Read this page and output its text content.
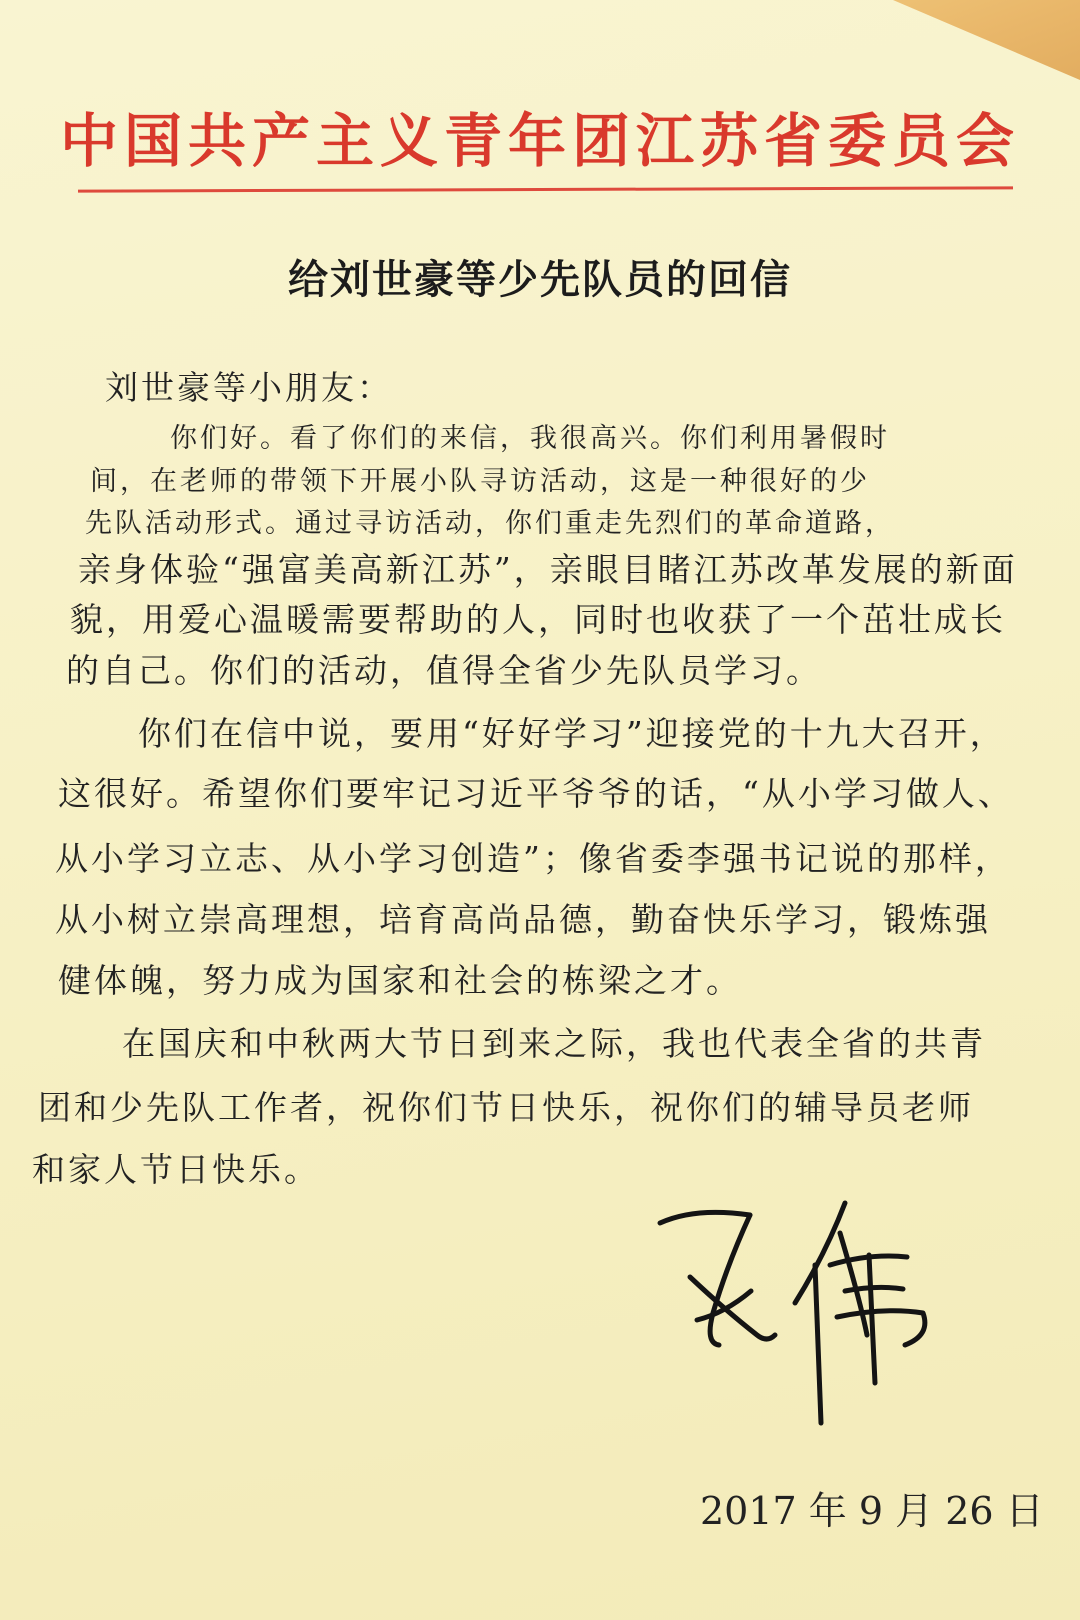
中国共产主义青年团江苏省委员会
给刘世豪等少先队员的回信
刘世豪等小朋友：
你们好。看了你们的来信，我很高兴。你们利用暑假时
间，在老师的带领下开展小队寻访活动，这是一种很好的少
先队活动形式。通过寻访活动，你们重走先烈们的革命道路，
亲身体验“强富美高新江苏”，亲眼目睹江苏改革发展的新面
貌，用爱心温暖需要帮助的人，同时也收获了一个茁壮成长
的自己。你们的活动，值得全省少先队员学习。
你们在信中说，要用“好好学习”迎接党的十九大召开，
这很好。希望你们要牢记习近平爷爷的话，“从小学习做人、
从小学习立志、从小学习创造”；像省委李强书记说的那样，
从小树立崇高理想，培育高尚品德，勤奋快乐学习，锻炼强
健体魄，努力成为国家和社会的栋梁之才。
在国庆和中秋两大节日到来之际，我也代表全省的共青
团和少先队工作者，祝你们节日快乐，祝你们的辅导员老师
和家人节日快乐。
2017 年 9 月 26 日
